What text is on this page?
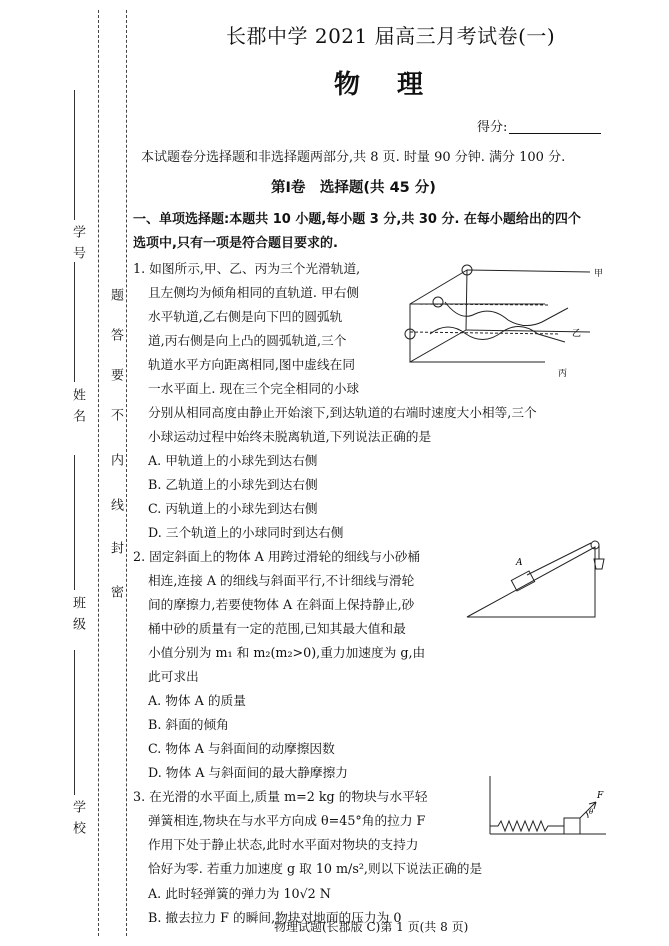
学 号
姓 名
班 级
学 校
题
答
要
不
内
线
封
密
长郡中学 2021 届高三月考试卷(一)
物 理
得分:
本试题卷分选择题和非选择题两部分,共 8 页. 时量 90 分钟. 满分 100 分.
第Ⅰ卷　选择题(共 45 分)
一、单项选择题:本题共 10 小题,每小题 3 分,共 30 分. 在每小题给出的四个
选项中,只有一项是符合题目要求的.
1. 如图所示,甲、乙、丙为三个光滑轨道,
且左侧均为倾角相同的直轨道. 甲右侧
水平轨道,乙右侧是向下凹的圆弧轨
道,丙右侧是向上凸的圆弧轨道,三个
轨道水平方向距离相同,图中虚线在同
一水平面上. 现在三个完全相同的小球
分别从相同高度由静止开始滚下,到达轨道的右端时速度大小相等,三个
小球运动过程中始终未脱离轨道,下列说法正确的是
A. 甲轨道上的小球先到达右侧
B. 乙轨道上的小球先到达右侧
C. 丙轨道上的小球先到达右侧
D. 三个轨道上的小球同时到达右侧
2. 固定斜面上的物体 A 用跨过滑轮的细线与小砂桶
相连,连接 A 的细线与斜面平行,不计细线与滑轮
间的摩擦力,若要使物体 A 在斜面上保持静止,砂
桶中砂的质量有一定的范围,已知其最大值和最
小值分别为 m₁ 和 m₂(m₂>0),重力加速度为 g,由
此可求出
A. 物体 A 的质量
B. 斜面的倾角
C. 物体 A 与斜面间的动摩擦因数
D. 物体 A 与斜面间的最大静摩擦力
3. 在光滑的水平面上,质量 m=2 kg 的物块与水平轻
弹簧相连,物块在与水平方向成 θ=45°角的拉力 F
作用下处于静止状态,此时水平面对物块的支持力
恰好为零. 若重力加速度 g 取 10 m/s²,则以下说法正确的是
A. 此时轻弹簧的弹力为 10√2 N
B. 撤去拉力 F 的瞬间,物块对地面的压力为 0
物理试题(长郡版 C)第 1 页(共 8 页)
甲
乙
丙
A
F
θ
